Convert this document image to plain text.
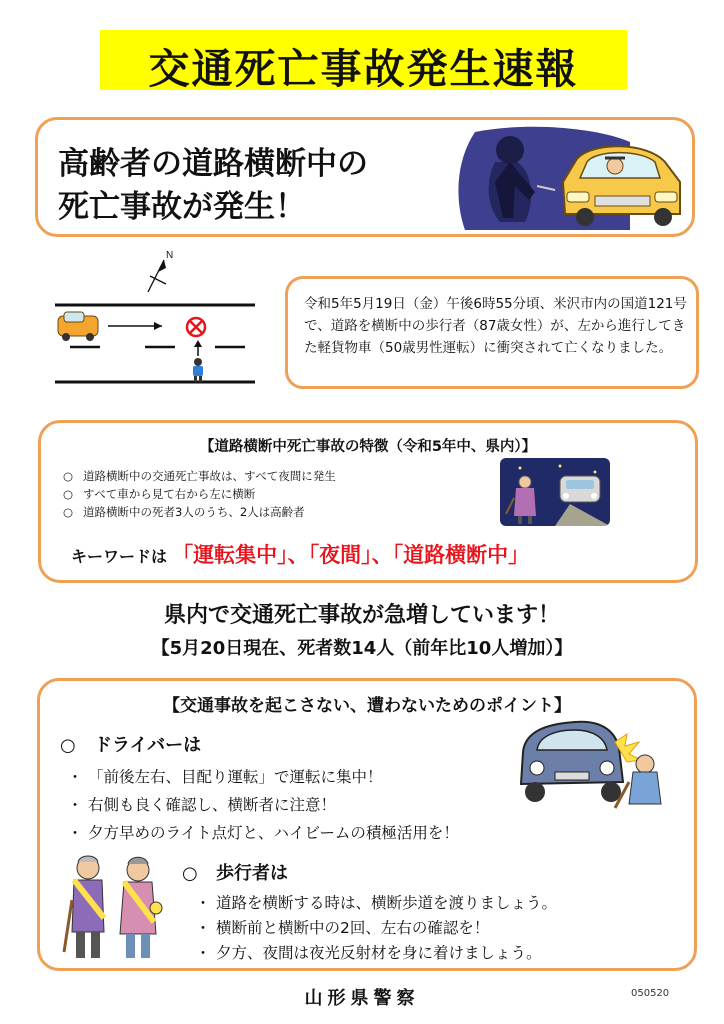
交通死亡事故発生速報
高齢者の道路横断中の
死亡事故が発生！
N

令和5年5月19日（金）午後6時55分頃、米沢市内の国道121号で、道路を横断中の歩行者（87歳女性）が、左から進行してきた軽貨物車（50歳男性運転）に衝突されて亡くなりました。

【道路横断中死亡事故の特徴（令和5年中、県内）】
○ 道路横断中の交通死亡事故は、すべて夜間に発生
○ すべて車から見て右から左に横断
○ 道路横断中の死者3人のうち、2人は高齢者
キーワードは 「運転集中」、「夜間」、「道路横断中」
県内で交通死亡事故が急増しています！
【5月20日現在、死者数14人（前年比10人増加）】
【交通事故を起こさない、遭わないためのポイント】
○ ドライバーは
・ 「前後左右、目配り運転」で運転に集中！
・ 右側も良く確認し、横断者に注意！
・ 夕方早めのライト点灯と、ハイビームの積極活用を！
○ 歩行者は
・ 道路を横断する時は、横断歩道を渡りましょう。
・ 横断前と横断中の2回、左右の確認を！
・ 夕方、夜間は夜光反射材を身に着けましょう。
山形県警察	050520
